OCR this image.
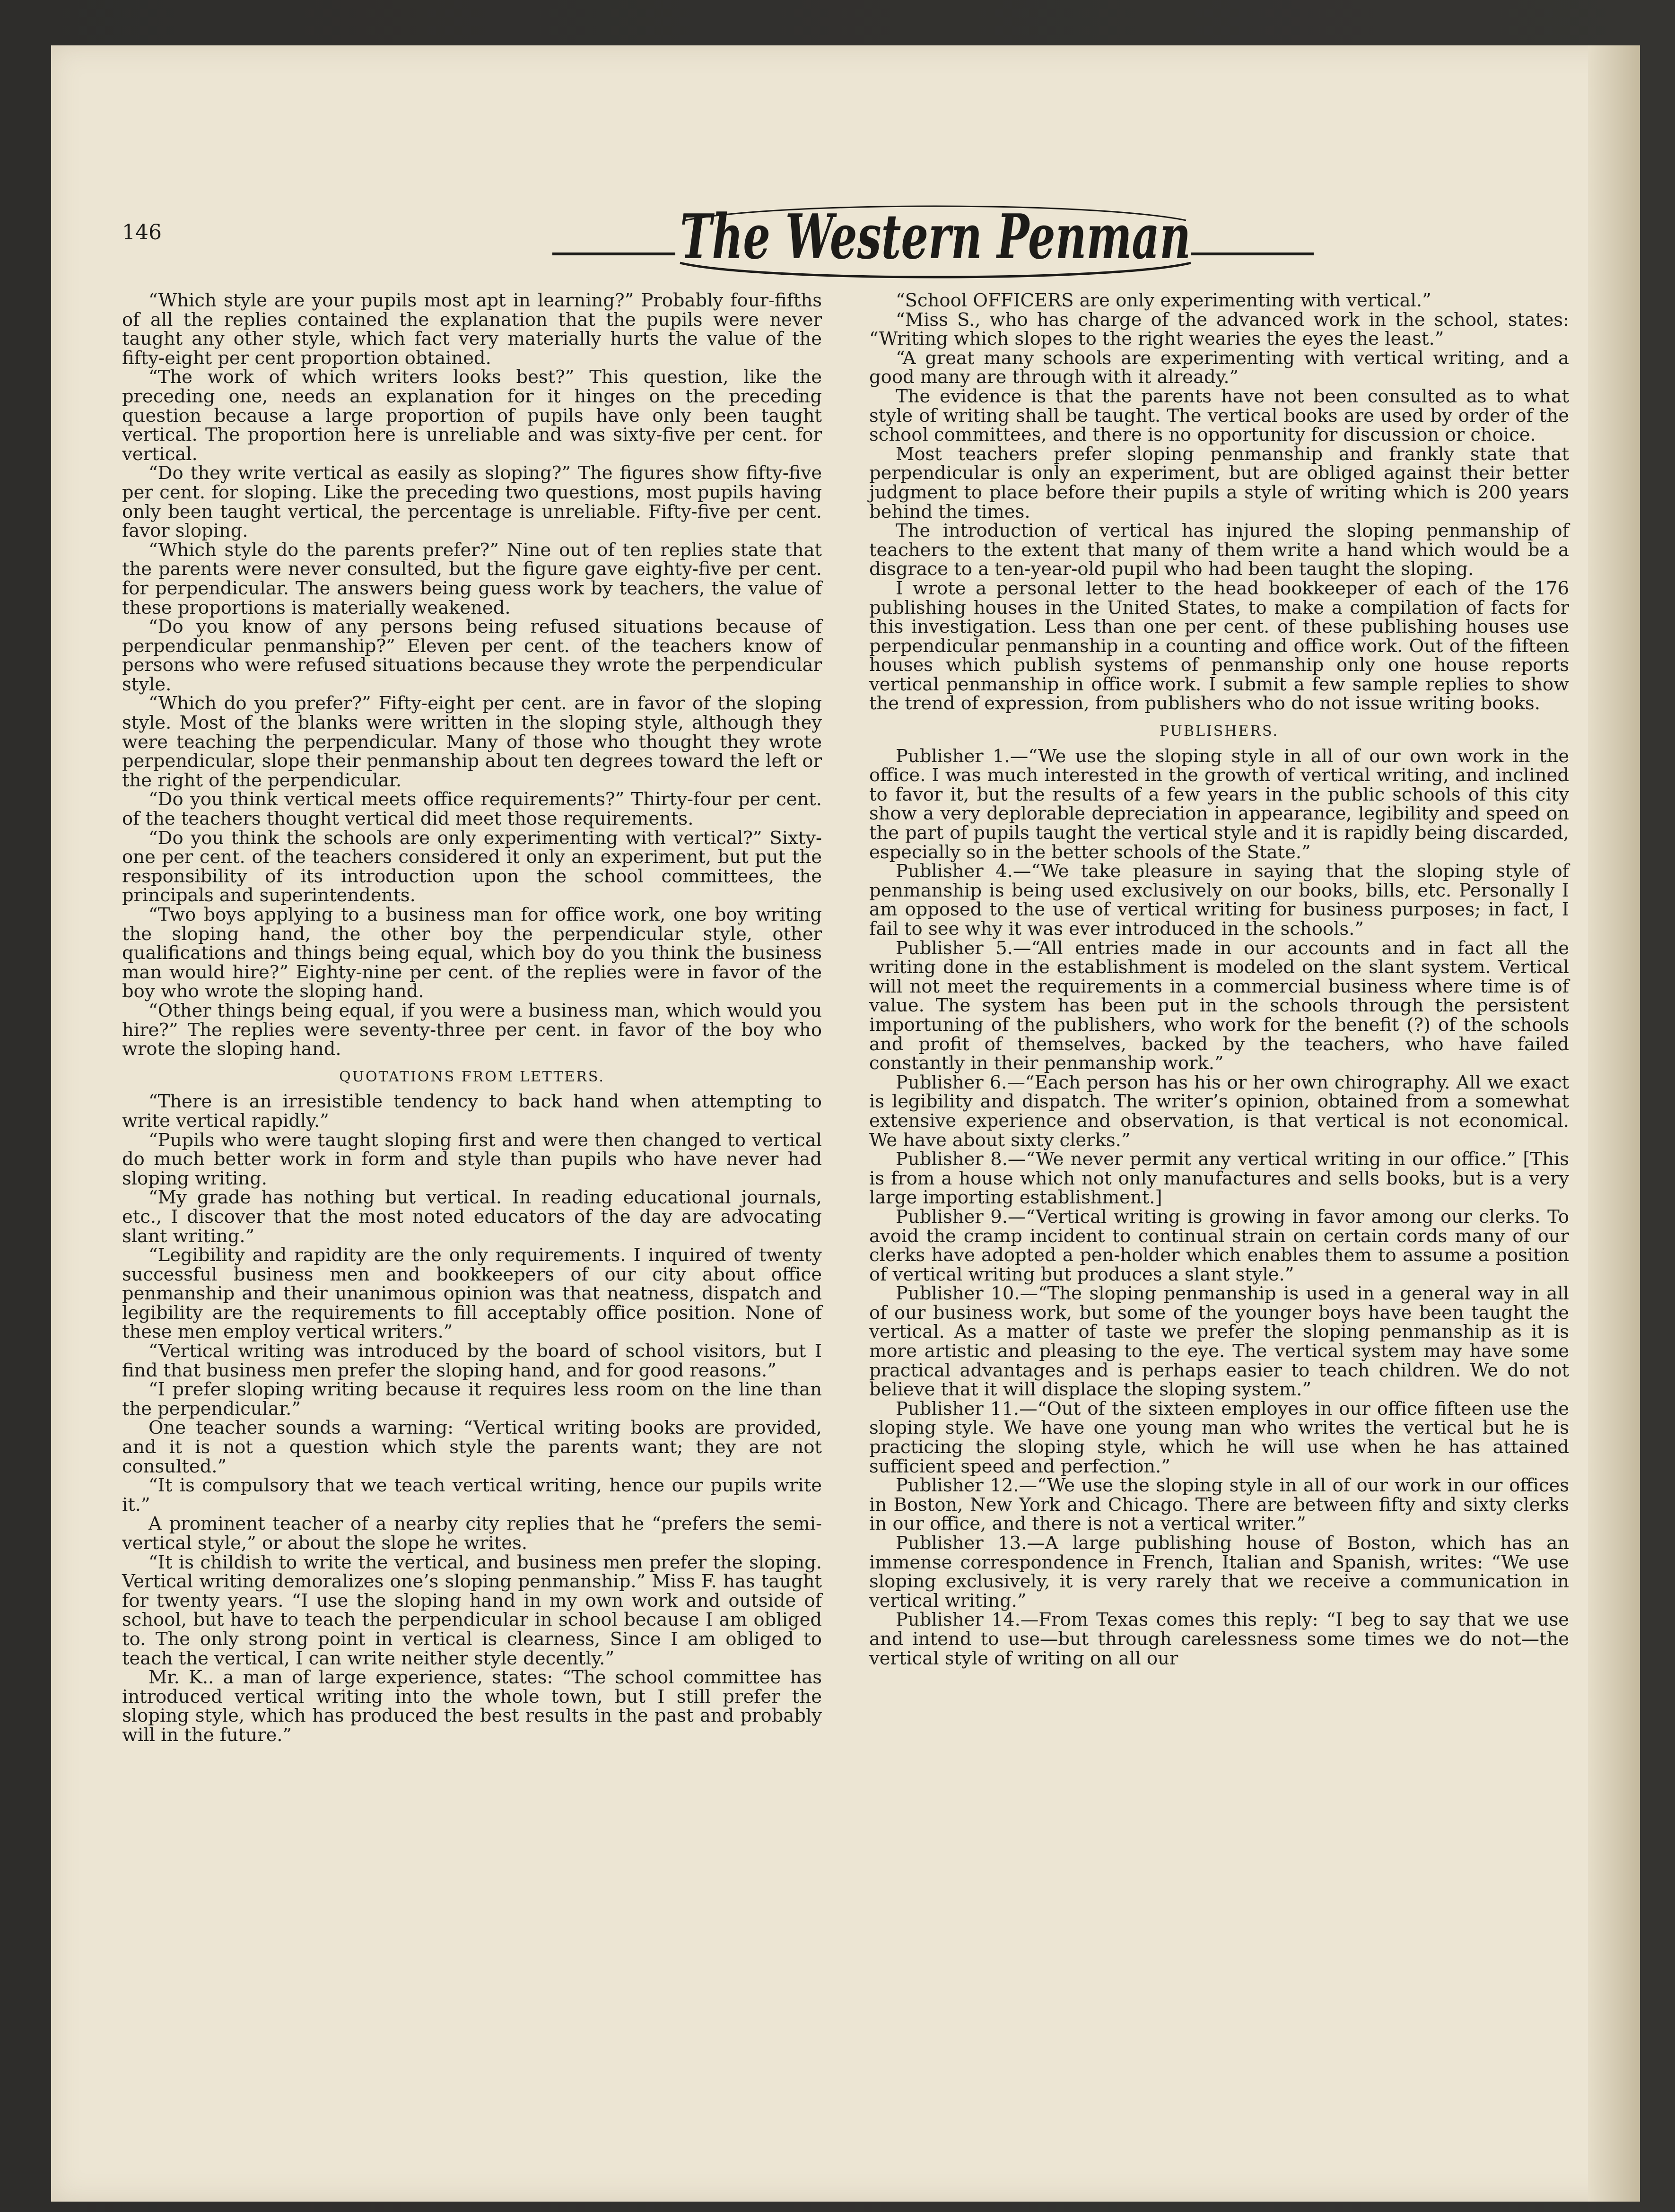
146	The Western Penman

“Which style are your pupils most apt in learning?” Probably four-fifths of all the replies contained the explanation that the pupils were never taught any other style, which fact very materially hurts the value of the fifty-eight per cent proportion obtained.

“The work of which writers looks best?” This question, like the preceding one, needs an explanation for it hinges on the preceding question because a large proportion of pupils have only been taught vertical. The proportion here is unreliable and was sixty-five per cent. for vertical.

“Do they write vertical as easily as sloping?” The figures show fifty-five per cent. for sloping. Like the preceding two questions, most pupils having only been taught vertical, the percentage is unreliable. Fifty-five per cent. favor sloping.

“Which style do the parents prefer?” Nine out of ten replies state that the parents were never consulted, but the figure gave eighty-five per cent. for perpendicular. The answers being guess work by teachers, the value of these proportions is materially weakened.

“Do you know of any persons being refused situations because of perpendicular penmanship?” Eleven per cent. of the teachers know of persons who were refused situations because they wrote the perpendicular style.

“Which do you prefer?” Fifty-eight per cent. are in favor of the sloping style. Most of the blanks were written in the sloping style, although they were teaching the perpendicular. Many of those who thought they wrote perpendicular, slope their penmanship about ten degrees toward the left or the right of the perpendicular.

“Do you think vertical meets office requirements?” Thirty-four per cent. of the teachers thought vertical did meet those requirements.

“Do you think the schools are only experimenting with vertical?” Sixty-one per cent. of the teachers considered it only an experiment, but put the responsibility of its introduction upon the school committees, the principals and superintendents.

“Two boys applying to a business man for office work, one boy writing the sloping hand, the other boy the perpendicular style, other qualifications and things being equal, which boy do you think the business man would hire?” Eighty-nine per cent. of the replies were in favor of the boy who wrote the sloping hand.

“Other things being equal, if you were a business man, which would you hire?” The replies were seventy-three per cent. in favor of the boy who wrote the sloping hand.

QUOTATIONS FROM LETTERS.

“There is an irresistible tendency to back hand when attempting to write vertical rapidly.”

“Pupils who were taught sloping first and were then changed to vertical do much better work in form and style than pupils who have never had sloping writing.

“My grade has nothing but vertical. In reading educational journals, etc., I discover that the most noted educators of the day are advocating slant writing.”

“Legibility and rapidity are the only requirements. I inquired of twenty successful business men and bookkeepers of our city about office penmanship and their unanimous opinion was that neatness, dispatch and legibility are the requirements to fill acceptably office position. None of these men employ vertical writers.”

“Vertical writing was introduced by the board of school visitors, but I find that business men prefer the sloping hand, and for good reasons.”

“I prefer sloping writing because it requires less room on the line than the perpendicular.”

One teacher sounds a warning: “Vertical writing books are provided, and it is not a question which style the parents want; they are not consulted.”

“It is compulsory that we teach vertical writing, hence our pupils write it.”

A prominent teacher of a nearby city replies that he “prefers the semi-vertical style,” or about the slope he writes.

“It is childish to write the vertical, and business men prefer the sloping. Vertical writing demoralizes one’s sloping penmanship.” Miss F. has taught for twenty years. “I use the sloping hand in my own work and outside of school, but have to teach the perpendicular in school because I am obliged to. The only strong point in vertical is clearness, Since I am obliged to teach the vertical, I can write neither style decently.”

Mr. K.. a man of large experience, states: “The school committee has introduced vertical writing into the whole town, but I still prefer the sloping style, which has produced the best results in the past and probably will in the future.”

“School OFFICERS are only experimenting with vertical.”

“Miss S., who has charge of the advanced work in the school, states: “Writing which slopes to the right wearies the eyes the least.”

“A great many schools are experimenting with vertical writing, and a good many are through with it already.”

The evidence is that the parents have not been consulted as to what style of writing shall be taught. The vertical books are used by order of the school committees, and there is no opportunity for discussion or choice.

Most teachers prefer sloping penmanship and frankly state that perpendicular is only an experiment, but are obliged against their better judgment to place before their pupils a style of writing which is 200 years behind the times.

The introduction of vertical has injured the sloping penmanship of teachers to the extent that many of them write a hand which would be a disgrace to a ten-year-old pupil who had been taught the sloping.

I wrote a personal letter to the head bookkeeper of each of the 176 publishing houses in the United States, to make a compilation of facts for this investigation. Less than one per cent. of these publishing houses use perpendicular penmanship in a counting and office work. Out of the fifteen houses which publish systems of penmanship only one house reports vertical penmanship in office work. I submit a few sample replies to show the trend of expression, from publishers who do not issue writing books.

PUBLISHERS.

Publisher 1.—“We use the sloping style in all of our own work in the office. I was much interested in the growth of vertical writing, and inclined to favor it, but the results of a few years in the public schools of this city show a very deplorable depreciation in appearance, legibility and speed on the part of pupils taught the vertical style and it is rapidly being discarded, especially so in the better schools of the State.”

Publisher 4.—“We take pleasure in saying that the sloping style of penmanship is being used exclusively on our books, bills, etc. Personally I am opposed to the use of vertical writing for business purposes; in fact, I fail to see why it was ever introduced in the schools.”

Publisher 5.—“All entries made in our accounts and in fact all the writing done in the establishment is modeled on the slant system. Vertical will not meet the requirements in a commercial business where time is of value. The system has been put in the schools through the persistent importuning of the publishers, who work for the benefit (?) of the schools and profit of themselves, backed by the teachers, who have failed constantly in their penmanship work.”

Publisher 6.—“Each person has his or her own chirography. All we exact is legibility and dispatch. The writer’s opinion, obtained from a somewhat extensive experience and observation, is that vertical is not economical. We have about sixty clerks.”

Publisher 8.—“We never permit any vertical writing in our office.” [This is from a house which not only manufactures and sells books, but is a very large importing establishment.]

Publisher 9.—“Vertical writing is growing in favor among our clerks. To avoid the cramp incident to continual strain on certain cords many of our clerks have adopted a pen-holder which enables them to assume a position of vertical writing but produces a slant style.”

Publisher 10.—“The sloping penmanship is used in a general way in all of our business work, but some of the younger boys have been taught the vertical. As a matter of taste we prefer the sloping penmanship as it is more artistic and pleasing to the eye. The vertical system may have some practical advantages and is perhaps easier to teach children. We do not believe that it will displace the sloping system.”

Publisher 11.—“Out of the sixteen employes in our office fifteen use the sloping style. We have one young man who writes the vertical but he is practicing the sloping style, which he will use when he has attained sufficient speed and perfection.”

Publisher 12.—“We use the sloping style in all of our work in our offices in Boston, New York and Chicago. There are between fifty and sixty clerks in our office, and there is not a vertical writer.”

Publisher 13.—A large publishing house of Boston, which has an immense correspondence in French, Italian and Spanish, writes: “We use sloping exclusively, it is very rarely that we receive a communication in vertical writing.”

Publisher 14.—From Texas comes this reply: “I beg to say that we use and intend to use—but through carelessness some times we do not—the vertical style of writing on all our
